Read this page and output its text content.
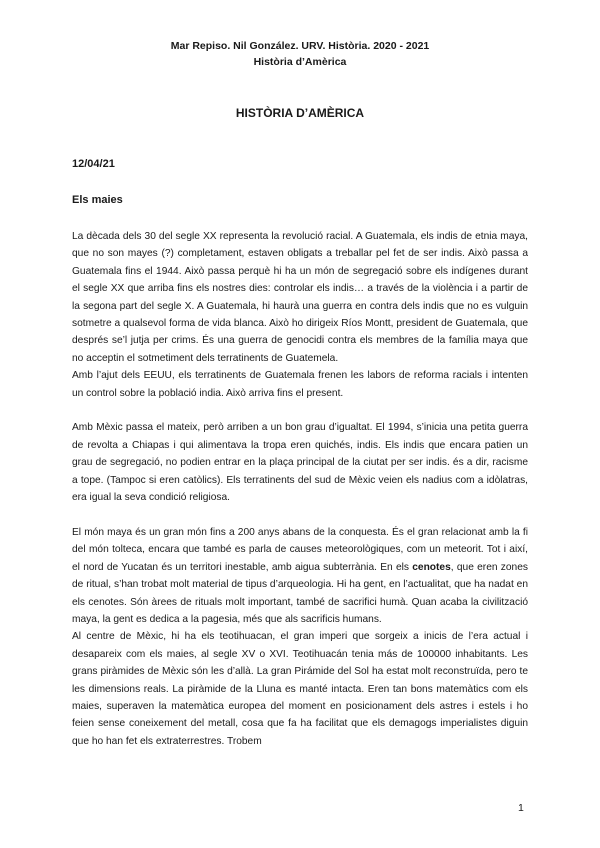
Mar Repiso. Nil González. URV. Història. 2020 - 2021
Història d’Amèrica
HISTÒRIA D’AMÈRICA
12/04/21
Els maies

La dècada dels 30 del segle XX representa la revolució racial. A Guatemala, els indis de etnia maya, que no son mayes (?) completament, estaven obligats a treballar pel fet de ser indis. Això passa a Guatemala fins el 1944. Això passa perquè hi ha un món de segregació sobre els indígenes durant el segle XX que arriba fins els nostres dies: controlar els indis… a través de la violència i a partir de la segona part del segle X. A Guatemala, hi haurà una guerra en contra dels indis que no es vulguin sotmetre a qualsevol forma de vida blanca. Això ho dirigeix Ríos Montt, president de Guatemala, que després se’l jutja per crims. És una guerra de genocidi contra els membres de la família maya que no acceptin el sotmetiment dels terratinents de Guatemela.

Amb l’ajut dels EEUU, els terratinents de Guatemala frenen les labors de reforma racials i intenten un control sobre la població india. Això arriva fins el present.

Amb Mèxic passa el mateix, però arriben a un bon grau d’igualtat. El 1994, s’inicia una petita guerra de revolta a Chiapas i qui alimentava la tropa eren quichés, indis. Els indis que encara patien un grau de segregació, no podien entrar en la plaça principal de la ciutat per ser indis. és a dir, racisme a tope. (Tampoc si eren catòlics). Els terratinents del sud de Mèxic veien els nadius com a idòlatras, era igual la seva condició religiosa.

El món maya és un gran món fins a 200 anys abans de la conquesta. És el gran relacionat amb la fi del món tolteca, encara que també es parla de causes meteorològiques, com un meteorit. Tot i així, el nord de Yucatan és un territori inestable, amb aigua subterrània. En els cenotes, que eren zones de ritual, s’han trobat molt material de tipus d’arqueologia. Hi ha gent, en l’actualitat, que ha nadat en els cenotes. Són àrees de rituals molt important, també de sacrifici humà. Quan acaba la civilització maya, la gent es dedica a la pagesia, més que als sacrificis humans.

Al centre de Mèxic, hi ha els teotihuacan, el gran imperi que sorgeix a inicis de l’era actual i desapareix com els maies, al segle XV o XVI. Teotihuacán tenia más de 100000 inhabitants. Les grans piràmides de Mèxic són les d’allà. La gran Pirámide del Sol ha estat molt reconstruïda, pero te les dimensions reals. La piràmide de la Lluna es manté intacta. Eren tan bons matemàtics com els maies, superaven la matemàtica europea del moment en posicionament dels astres i estels i ho feien sense coneixement del metall, cosa que fa ha facilitat que els demagogs imperialistes diguin que ho han fet els extraterrestres. Trobem

1
